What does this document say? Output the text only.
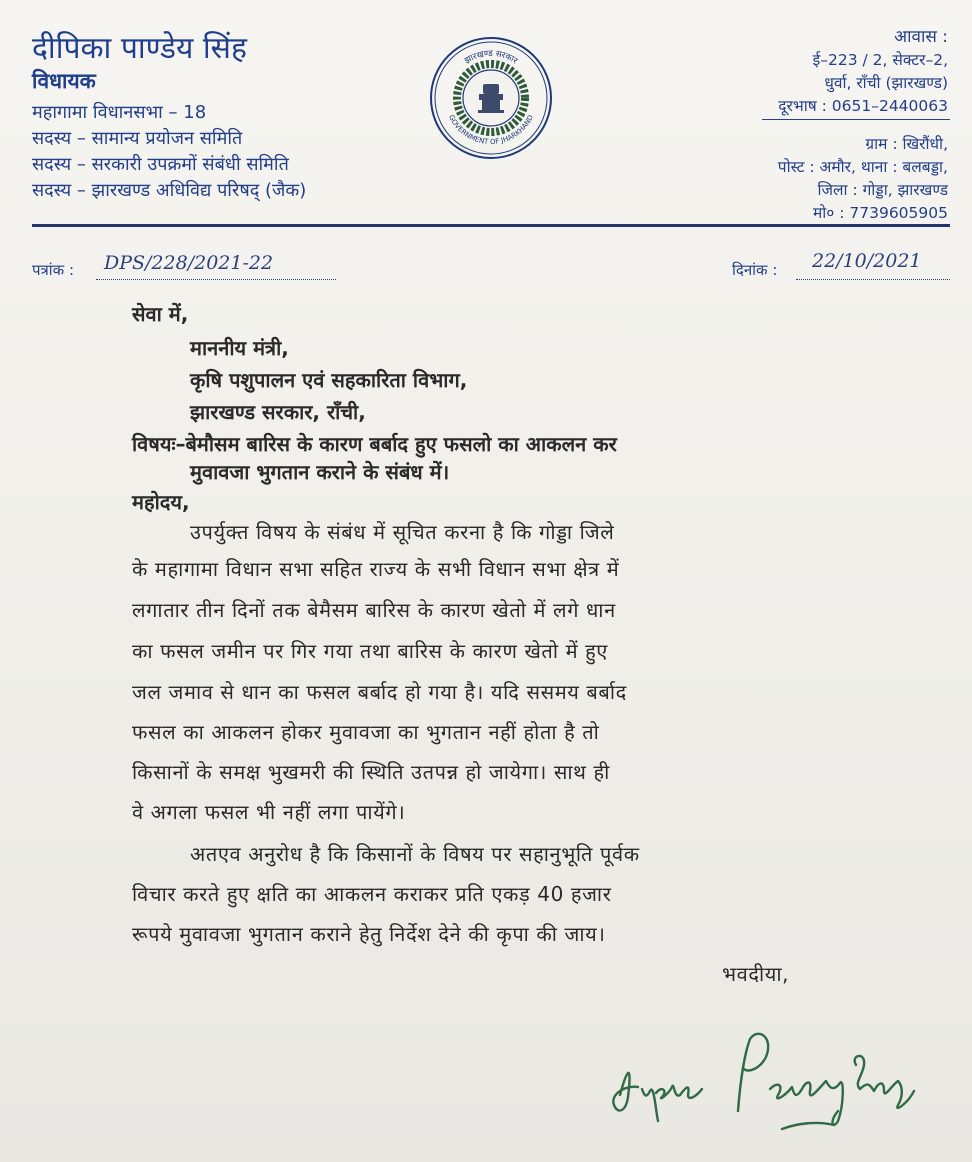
दीपिका पाण्डेय सिंह
विधायक
महागामा विधानसभा – 18
सदस्य – सामान्य प्रयोजन समिति
सदस्य – सरकारी उपक्रमों संबंधी समिति
सदस्य – झारखण्ड अधिविद्य परिषद् (जैक)
झारखण्ड सरकार
GOVERNMENT OF JHARKHAND
आवास :
ई–223 / 2, सेक्टर–2,
धुर्वा, राँची (झारखण्ड)
दूरभाष : 0651–2440063
ग्राम : खिरौंधी,
पोस्ट : अमौर, थाना : बलबड्डा,
जिला : गोड्डा, झारखण्ड
मो० : 7739605905
पत्रांक : DPS/228/2021-22	दिनांक : 22/10/2021
सेवा में,
माननीय मंत्री,
कृषि पशुपालन एवं सहकारिता विभाग,
झारखण्ड सरकार, राँची,
विषयः–बेमौसम बारिस के कारण बर्बाद हुए फसलो का आकलन कर
मुवावजा भुगतान कराने के संबंध में।
महोदय,
उपर्युक्त विषय के संबंध में सूचित करना है कि गोड्डा जिले
के महागामा विधान सभा सहित राज्य के सभी विधान सभा क्षेत्र में
लगातार तीन दिनों तक बेमैसम बारिस के कारण खेतो में लगे धान
का फसल जमीन पर गिर गया तथा बारिस के कारण खेतो में हुए
जल जमाव से धान का फसल बर्बाद हो गया है। यदि ससमय बर्बाद
फसल का आकलन होकर मुवावजा का भुगतान नहीं होता है तो
किसानों के समक्ष भुखमरी की स्थिति उतपन्न हो जायेगा। साथ ही
वे अगला फसल भी नहीं लगा पायेंगे।
अतएव अनुरोध है कि किसानों के विषय पर सहानुभूति पूर्वक
विचार करते हुए क्षति का आकलन कराकर प्रति एकड़ 40 हजार
रूपये मुवावजा भुगतान कराने हेतु निर्देश देने की कृपा की जाय।
भवदीया,
